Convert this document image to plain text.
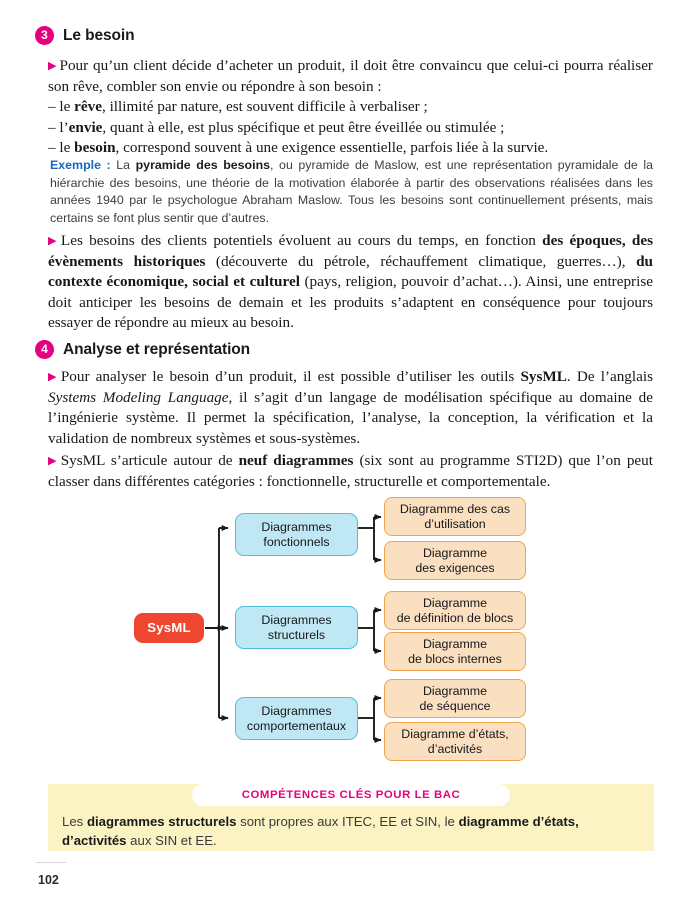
3 Le besoin

▶ Pour qu’un client décide d’acheter un produit, il doit être convaincu que celui-ci pourra réaliser son rêve, combler son envie ou répondre à son besoin :

– le rêve, illimité par nature, est souvent difficile à verbaliser ;

– l’envie, quant à elle, est plus spécifique et peut être éveillée ou stimulée ;

– le besoin, correspond souvent à une exigence essentielle, parfois liée à la survie.

Exemple : La pyramide des besoins, ou pyramide de Maslow, est une représentation pyramidale de la hiérarchie des besoins, une théorie de la motivation élaborée à partir des observations réalisées dans les années 1940 par le psychologue Abraham Maslow. Tous les besoins sont continuellement présents, mais certains se font plus sentir que d’autres.
▶ Les besoins des clients potentiels évoluent au cours du temps, en fonction des époques, des évènements historiques (découverte du pétrole, réchauffement climatique, guerres…), du contexte économique, social et culturel (pays, religion, pouvoir d’achat…). Ainsi, une entreprise doit anticiper les besoins de demain et les produits s’adaptent en conséquence pour toujours essayer de répondre au mieux au besoin.
4 Analyse et représentation
▶ Pour analyser le besoin d’un produit, il est possible d’utiliser les outils SysML. De l’anglais Systems Modeling Language, il s’agit d’un langage de modélisation spécifique au domaine de l’ingénierie système. Il permet la spécification, l’analyse, la conception, la vérification et la validation de nombreux systèmes et sous-systèmes.
▶ SysML s’articule autour de neuf diagrammes (six sont au programme STI2D) que l’on peut classer dans différentes catégories : fonctionnelle, structurelle et comportementale.
SysML
Diagrammes
fonctionnels
Diagrammes
structurels
Diagrammes
comportementaux
Diagramme des cas
d’utilisation
Diagramme
des exigences
Diagramme
de définition de blocs
Diagramme
de blocs internes
Diagramme
de séquence
Diagramme d’états,
d’activités
COMPÉTENCES CLÉS POUR LE BAC
Les diagrammes structurels sont propres aux ITEC, EE et SIN, le diagramme d’états, d’activités aux SIN et EE.
102
